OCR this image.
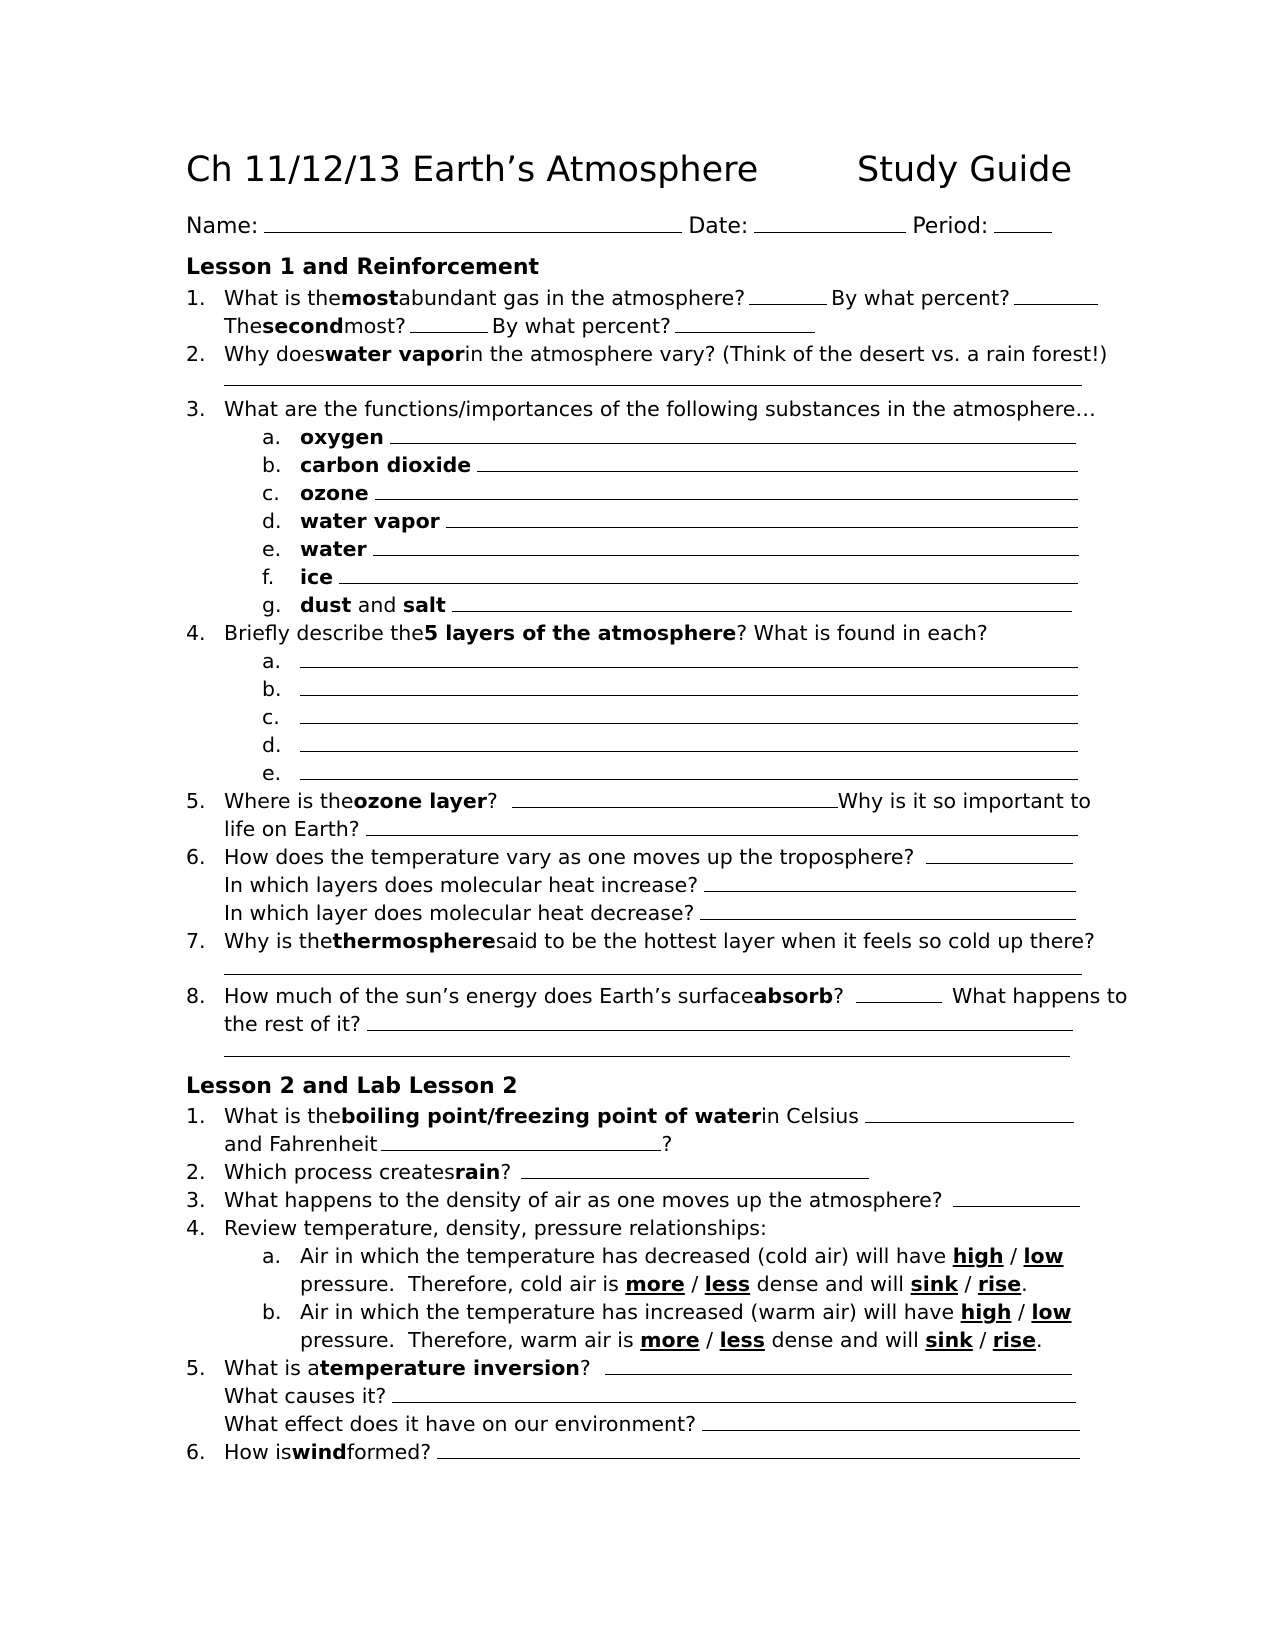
Ch 11/12/13 Earth’s Atmosphere	Study Guide
Name:	Date:	Period:
Lesson 1 and Reinforcement
1. What is the most abundant gas in the atmosphere?	By what percent?
The second most?	By what percent?
2. Why does water vapor in the atmosphere vary? (Think of the desert vs. a rain forest!)
3. What are the functions/importances of the following substances in the atmosphere…
a. oxygen
b. carbon dioxide
c. ozone
d. water vapor
e. water
f.	ice
g. dust and salt
4. Briefly describe the 5 layers of the atmosphere ? What is found in each?
a.
b.
c.
d.
e.
5. Where is the ozone layer ?	Why is it so important to
life on Earth?
6. How does the temperature vary as one moves up the troposphere?
In which layers does molecular heat increase?
In which layer does molecular heat decrease?
7. Why is the thermosphere said to be the hottest layer when it feels so cold up there?
8. How much of the sun’s energy does Earth’s surface absorb ?	What happens to
the rest of it?
Lesson 2 and Lab Lesson 2
1. What is the boiling point/freezing point of water in Celsius
and Fahrenheit	?
2. Which process creates rain ?
3. What happens to the density of air as one moves up the atmosphere?
4. Review temperature, density, pressure relationships:
a. Air in which the temperature has decreased (cold air) will have high / low
pressure.  Therefore, cold air is more / less dense and will sink / rise .
b. Air in which the temperature has increased (warm air) will have high / low
pressure.  Therefore, warm air is more / less dense and will sink / rise .
5. What is a temperature inversion ?
What causes it?
What effect does it have on our environment?
6. How is wind formed?
